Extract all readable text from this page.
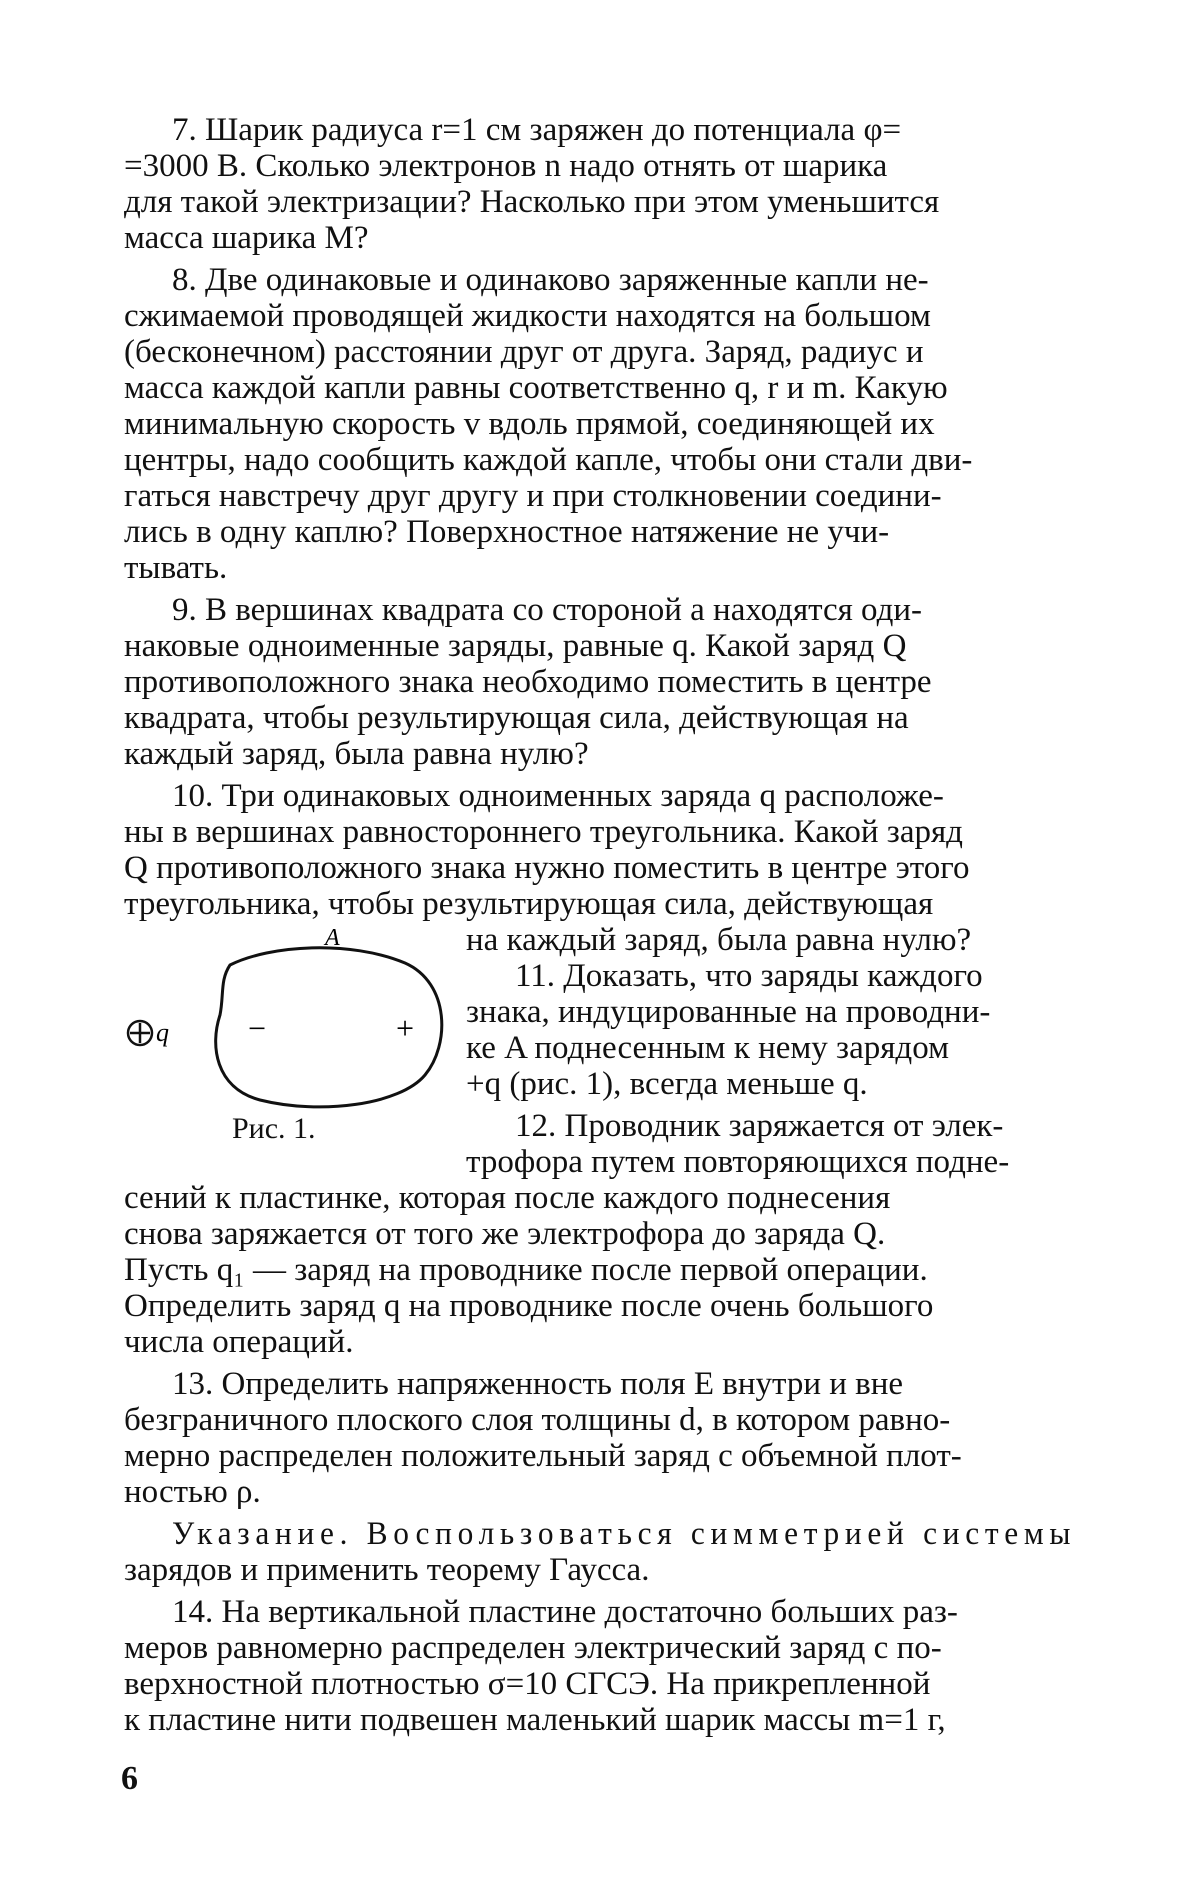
7. Шарик радиуса r=1 см заряжен до потенциала φ=
=3000 В. Сколько электронов n надо отнять от шарика
для такой электризации? Насколько при этом уменьшится
масса шарика M?
8. Две одинаковые и одинаково заряженные капли не-
сжимаемой проводящей жидкости находятся на большом
(бесконечном) расстоянии друг от друга. Заряд, радиус и
масса каждой капли равны соответственно q, r и m. Какую
минимальную скорость v вдоль прямой, соединяющей их
центры, надо сообщить каждой капле, чтобы они стали дви-
гаться навстречу друг другу и при столкновении соедини-
лись в одну каплю? Поверхностное натяжение не учи-
тывать.
9. В вершинах квадрата со стороной a находятся оди-
наковые одноименные заряды, равные q. Какой заряд Q
противоположного знака необходимо поместить в центре
квадрата, чтобы результирующая сила, действующая на
каждый заряд, была равна нулю?
10. Три одинаковых одноименных заряда q расположе-
ны в вершинах равностороннего треугольника. Какой заряд
Q противоположного знака нужно поместить в центре этого
треугольника, чтобы результирующая сила, действующая
на каждый заряд, была равна нулю?
11. Доказать, что заряды каждого
знака, индуцированные на проводни-
ке A поднесенным к нему зарядом
+q (рис. 1), всегда меньше q.
12. Проводник заряжается от элек-
трофора путем повторяющихся подне-
q
A
−	+
Рис. 1.
сений к пластинке, которая после каждого поднесения
снова заряжается от того же электрофора до заряда Q.
Пусть q₁ — заряд на проводнике после первой операции.
Определить заряд q на проводнике после очень большого
числа операций.
13. Определить напряженность поля E внутри и вне
безграничного плоского слоя толщины d, в котором равно-
мерно распределен положительный заряд с объемной плот-
ностью ρ.
Указание. Воспользоваться симметрией системы
зарядов и применить теорему Гаусса.
14. На вертикальной пластине достаточно больших раз-
меров равномерно распределен электрический заряд с по-
верхностной плотностью σ=10 СГСЭ. На прикрепленной
к пластине нити подвешен маленький шарик массы m=1 г,
6
